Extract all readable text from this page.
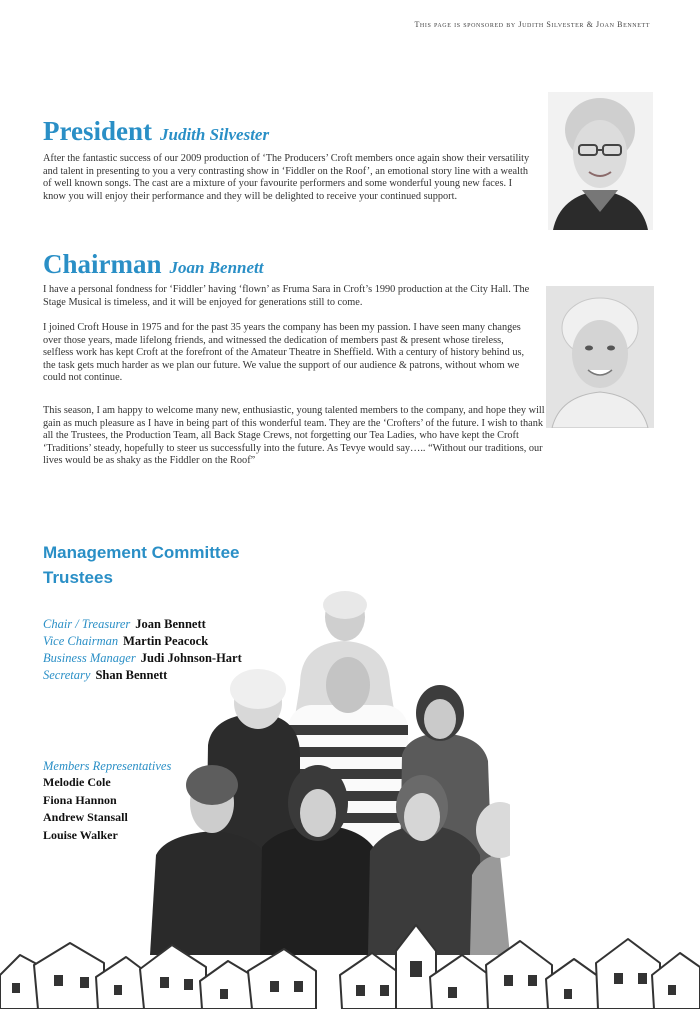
This page is sponsored by Judith Silvester & Joan Bennett
President Judith Silvester

After the fantastic success of our 2009 production of ‘The Producers’ Croft members once again show their versatility and talent in presenting to you a very contrasting show in ‘Fiddler on the Roof’, an emotional story line with a wealth of well known songs. The cast are a mixture of your favourite performers and some wonderful young new faces. I know you will enjoy their performance and they will be delighted to receive your continued support.

Chairman Joan Bennett

I have a personal fondness for ‘Fiddler’ having ‘flown’ as Fruma Sara in Croft’s 1990 production at the City Hall. The Stage Musical is timeless, and it will be enjoyed for generations still to come.

I joined Croft House in 1975 and for the past 35 years the company has been my passion. I have seen many changes over those years, made lifelong friends, and witnessed the dedication of members past & present whose tireless, selfless work has kept Croft at the forefront of the Amateur Theatre in Sheffield. With a century of history behind us, the task gets much harder as we plan our future. We value the support of our audience & patrons, without whom we could not continue.

This season, I am happy to welcome many new, enthusiastic, young talented members to the company, and hope they will gain as much pleasure as I have in being part of this wonderful team. They are the ‘Crofters’ of the future. I wish to thank all the Trustees, the Production Team, all Back Stage Crews, not forgetting our Tea Ladies, who have kept the Croft ‘Traditions’ steady, hopefully to steer us successfully into the future. As Tevye would say….. “Without our traditions, our lives would be as shaky as the Fiddler on the Roof”

Management Committee
Trustees
Chair / Treasurer Joan Bennett
Vice Chairman Martin Peacock
Business Manager Judi Johnson-Hart
Secretary Shan Bennett
Members Representatives
Melodie Cole
Fiona Hannon
Andrew Stansall
Louise Walker
